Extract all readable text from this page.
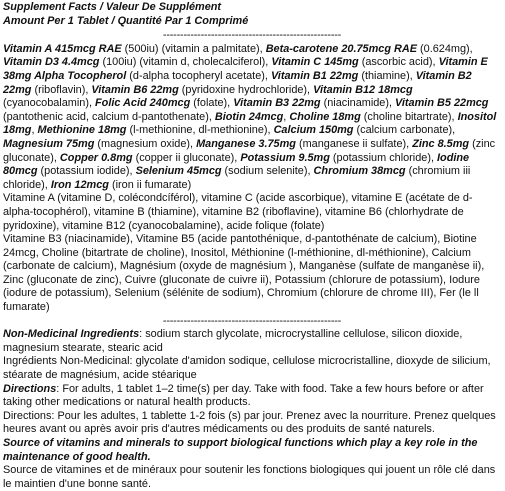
Supplement Facts / Valeur De Supplément

Amount Per 1 Tablet / Quantité Par 1 Comprimé

----------------------------------------------------

Vitamin A 415mcg RAE (500iu) (vitamin a palmitate), Beta-carotene 20.75mcg RAE (0.624mg), Vitamin D3 4.4mcg (100iu) (vitamin d, cholecalciferol), Vitamin C 145mg (ascorbic acid), Vitamin E 38mg Alpha Tocopherol (d-alpha tocopheryl acetate), Vitamin B1 22mg (thiamine), Vitamin B2 22mg (riboflavin), Vitamin B6 22mg (pyridoxine hydrochloride), Vitamin B12 18mcg (cyanocobalamin), Folic Acid 240mcg (folate), Vitamin B3 22mg (niacinamide), Vitamin B5 22mcg (pantothenic acid, calcium d-pantothenate), Biotin 24mcg, Choline 18mg (choline bitartrate), Inositol 18mg, Methionine 18mg (l-methionine, dl-methionine), Calcium 150mg (calcium carbonate), Magnesium 75mg (magnesium oxide), Manganese 3.75mg (manganese ii sulfate), Zinc 8.5mg (zinc gluconate), Copper 0.8mg (copper ii gluconate), Potassium 9.5mg (potassium chloride), Iodine 80mcg (potassium iodide), Selenium 45mcg (sodium selenite), Chromium 38mcg (chromium iii chloride), Iron 12mcg (iron ii fumarate)

Vitamine A (vitamine D, colécondcíférol), vitamine C (acide ascorbique), vitamine E (acétate de d-alpha-tocophérol), vitamine B (thiamine), vitamine B2 (riboflavine), vitamine B6 (chlorhydrate de pyridoxine), vitamine B12 (cyanocobalamine), acide folique (folate)

Vitamine B3 (niacinamide), Vitamine B5 (acide pantothénique, d-pantothénate de calcium), Biotine 24mcg, Choline (bitartrate de choline), Inositol, Méthionine (l-méthionine, dl-méthionine), Calcium (carbonate de calcium), Magnésium (oxyde de magnésium ), Manganèse (sulfate de manganèse ii), Zinc (gluconate de zinc), Cuivre (gluconate de cuivre ii), Potassium (chlorure de potassium), Iodure (iodure de potassium), Selenium (sélénite de sodium), Chromium (chlorure de chrome III), Fer (le ll fumarate)

----------------------------------------------------

Non-Medicinal Ingredients: sodium starch glycolate, microcrystalline cellulose, silicon dioxide, magnesium stearate, stearic acid

Ingrédients Non-Medicinal: glycolate d'amidon sodique, cellulose microcristalline, dioxyde de silicium, stéarate de magnésium, acide stéarique

Directions: For adults, 1 tablet 1–2 time(s) per day. Take with food. Take a few hours before or after taking other medications or natural health products.

Directions: Pour les adultes, 1 tablette 1-2 fois (s) par jour. Prenez avec la nourriture. Prenez quelques heures avant ou après avoir pris d'autres médicaments ou des produits de santé naturels.

Source of vitamins and minerals to support biological functions which play a key role in the maintenance of good health.

Source de vitamines et de minéraux pour soutenir les fonctions biologiques qui jouent un rôle clé dans le maintien d'une bonne santé.
